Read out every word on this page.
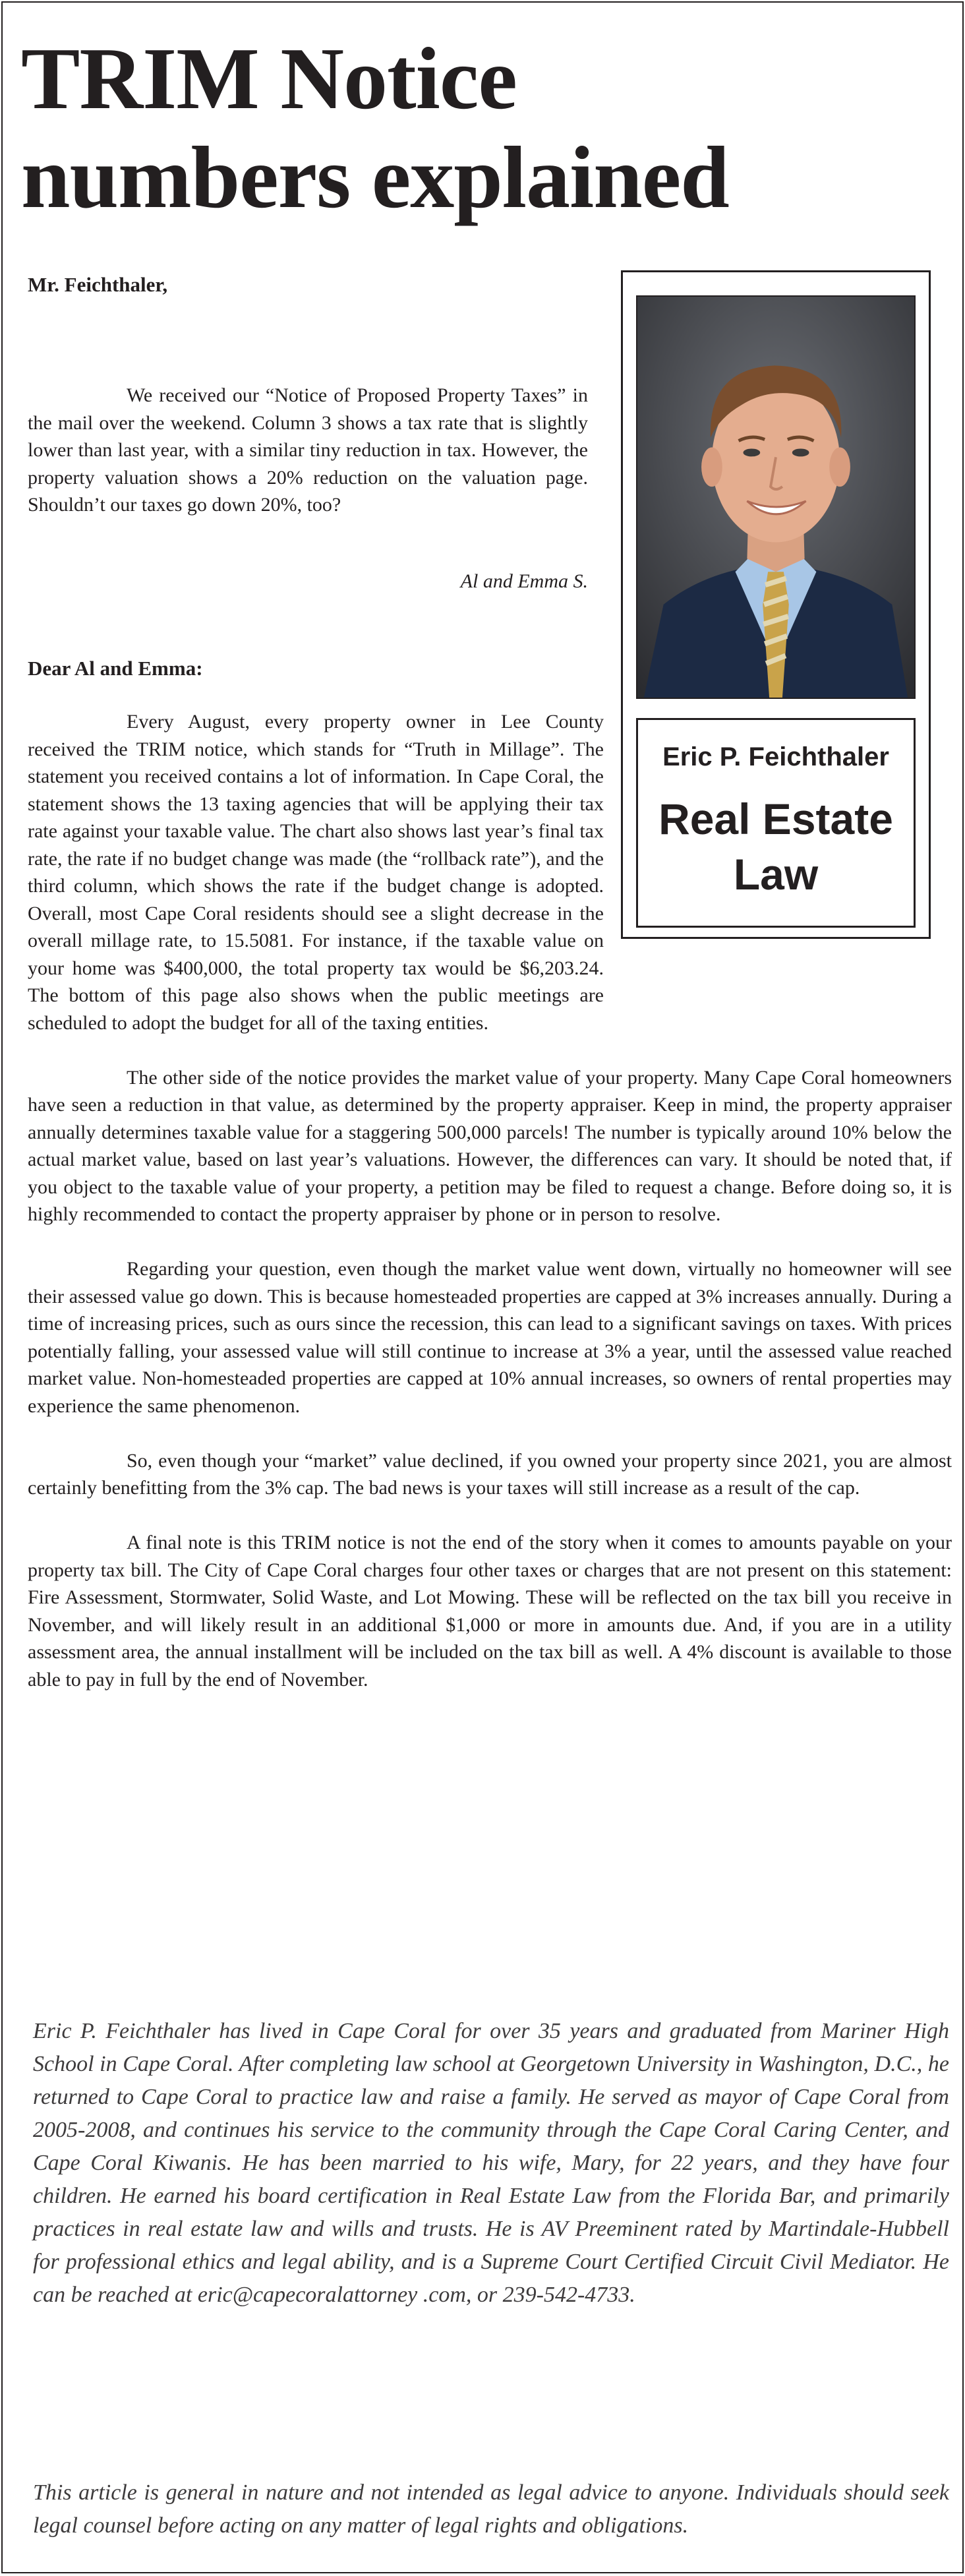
TRIM Notice numbers explained

Mr. Feichthaler,

We received our “Notice of Proposed Property Taxes” in the mail over the weekend. Column 3 shows a tax rate that is slightly lower than last year, with a similar tiny reduction in tax. However, the property valuation shows a 20% reduction on the valuation page. Shouldn’t our taxes go down 20%, too?

Al and Emma S.

Dear Al and Emma:

Every August, every property owner in Lee County received the TRIM notice, which stands for “Truth in Millage”. The statement you received contains a lot of information. In Cape Coral, the statement shows the 13 taxing agencies that will be applying their tax rate against your taxable value. The chart also shows last year’s final tax rate, the rate if no budget change was made (the “rollback rate”), and the third column, which shows the rate if the budget change is adopted. Overall, most Cape Coral residents should see a slight decrease in the overall millage rate, to 15.5081. For instance, if the taxable value on your home was $400,000, the total property tax would be $6,203.24. The bottom of this page also shows when the public meetings are scheduled to adopt the budget for all of the taxing entities.

The other side of the notice provides the market value of your property. Many Cape Coral homeowners have seen a reduction in that value, as determined by the property appraiser. Keep in mind, the property appraiser annually determines taxable value for a staggering 500,000 parcels! The number is typically around 10% below the actual market value, based on last year’s valuations. However, the differences can vary. It should be noted that, if you object to the taxable value of your property, a petition may be filed to request a change. Before doing so, it is highly recommended to contact the property appraiser by phone or in person to resolve.

Regarding your question, even though the market value went down, virtually no homeowner will see their assessed value go down. This is because homesteaded properties are capped at 3% increases annually. During a time of increasing prices, such as ours since the recession, this can lead to a significant savings on taxes. With prices potentially falling, your assessed value will still continue to increase at 3% a year, until the assessed value reached market value. Non-homesteaded properties are capped at 10% annual increases, so owners of rental properties may experience the same phenomenon.

So, even though your “market” value declined, if you owned your property since 2021, you are almost certainly benefitting from the 3% cap. The bad news is your taxes will still increase as a result of the cap.

A final note is this TRIM notice is not the end of the story when it comes to amounts payable on your property tax bill. The City of Cape Coral charges four other taxes or charges that are not present on this statement: Fire Assessment, Stormwater, Solid Waste, and Lot Mowing. These will be reflected on the tax bill you receive in November, and will likely result in an additional $1,000 or more in amounts due. And, if you are in a utility assessment area, the annual installment will be included on the tax bill as well. A 4% discount is available to those able to pay in full by the end of November.

Eric P. Feichthaler

Real Estate
Law

Eric P. Feichthaler has lived in Cape Coral for over 35 years and graduated from Mariner High School in Cape Coral. After completing law school at Georgetown University in Washington, D.C., he returned to Cape Coral to practice law and raise a family. He served as mayor of Cape Coral from 2005-2008, and continues his service to the community through the Cape Coral Caring Center, and Cape Coral Kiwanis. He has been married to his wife, Mary, for 22 years, and they have four children. He earned his board certification in Real Estate Law from the Florida Bar, and primarily practices in real estate law and wills and trusts. He is AV Preeminent rated by Martindale-Hubbell for professional ethics and legal ability, and is a Supreme Court Certified Circuit Civil Mediator. He can be reached at eric@capecoralattorney .com, or 239-542-4733.

This article is general in nature and not intended as legal advice to anyone. Individuals should seek legal counsel before acting on any matter of legal rights and obligations.
